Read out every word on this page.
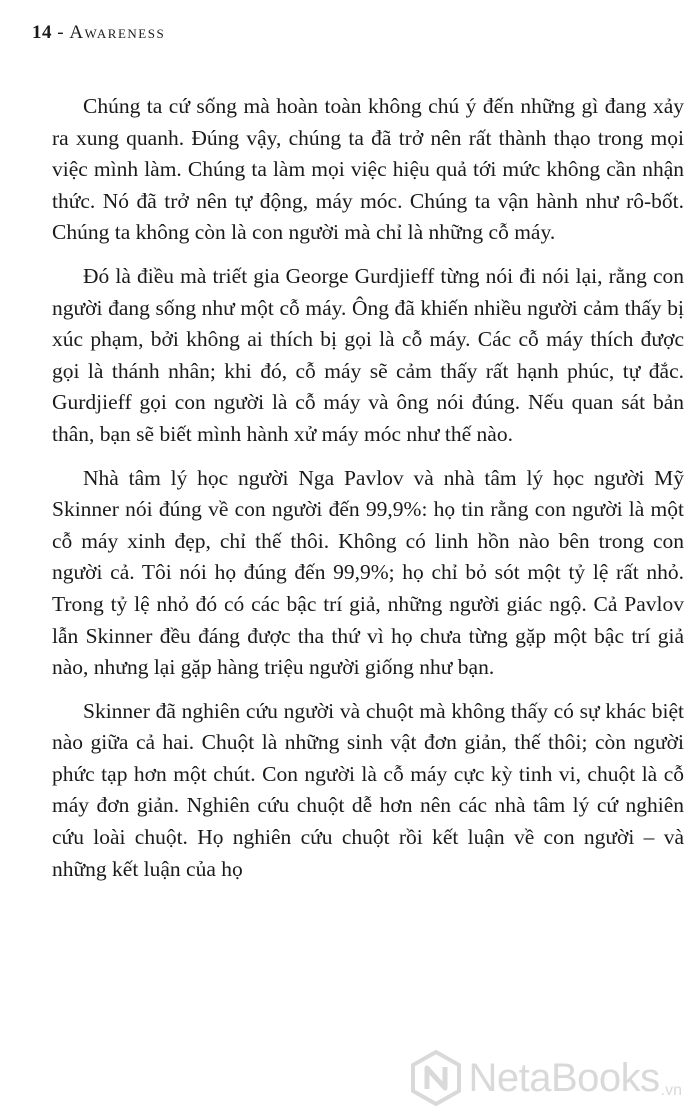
14 - Awareness

Chúng ta cứ sống mà hoàn toàn không chú ý đến những gì đang xảy ra xung quanh. Đúng vậy, chúng ta đã trở nên rất thành thạo trong mọi việc mình làm. Chúng ta làm mọi việc hiệu quả tới mức không cần nhận thức. Nó đã trở nên tự động, máy móc. Chúng ta vận hành như rô-bốt. Chúng ta không còn là con người mà chỉ là những cỗ máy.

Đó là điều mà triết gia George Gurdjieff từng nói đi nói lại, rằng con người đang sống như một cỗ máy. Ông đã khiến nhiều người cảm thấy bị xúc phạm, bởi không ai thích bị gọi là cỗ máy. Các cỗ máy thích được gọi là thánh nhân; khi đó, cỗ máy sẽ cảm thấy rất hạnh phúc, tự đắc. Gurdjieff gọi con người là cỗ máy và ông nói đúng. Nếu quan sát bản thân, bạn sẽ biết mình hành xử máy móc như thế nào.

Nhà tâm lý học người Nga Pavlov và nhà tâm lý học người Mỹ Skinner nói đúng về con người đến 99,9%: họ tin rằng con người là một cỗ máy xinh đẹp, chỉ thế thôi. Không có linh hồn nào bên trong con người cả. Tôi nói họ đúng đến 99,9%; họ chỉ bỏ sót một tỷ lệ rất nhỏ. Trong tỷ lệ nhỏ đó có các bậc trí giả, những người giác ngộ. Cả Pavlov lẫn Skinner đều đáng được tha thứ vì họ chưa từng gặp một bậc trí giả nào, nhưng lại gặp hàng triệu người giống như bạn.

Skinner đã nghiên cứu người và chuột mà không thấy có sự khác biệt nào giữa cả hai. Chuột là những sinh vật đơn giản, thế thôi; còn người phức tạp hơn một chút. Con người là cỗ máy cực kỳ tinh vi, chuột là cỗ máy đơn giản. Nghiên cứu chuột dễ hơn nên các nhà tâm lý cứ nghiên cứu loài chuột. Họ nghiên cứu chuột rồi kết luận về con người – và những kết luận của họ

NetaBooks .vn
